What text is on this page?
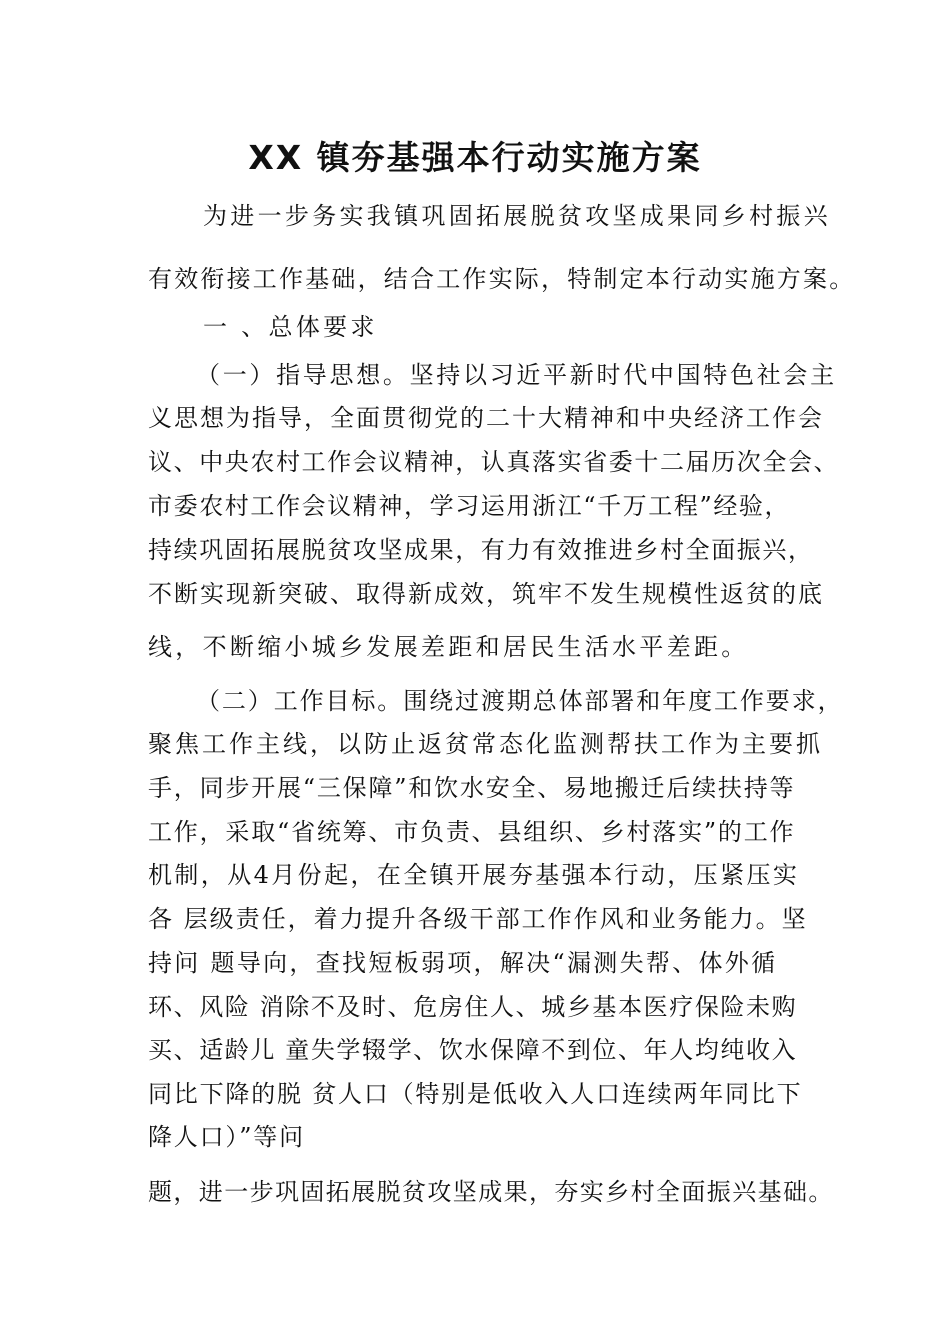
XX 镇夯基强本行动实施方案
为进一步务实我镇巩固拓展脱贫攻坚成果同乡村振兴
有效衔接工作基础，结合工作实际，特制定本行动实施方案。
一 、总体要求
（一）指导思想。坚持以习近平新时代中国特色社会主
义思想为指导，全面贯彻党的二十大精神和中央经济工作会
议、中央农村工作会议精神，认真落实省委十二届历次全会、
市委农村工作会议精神，学习运用浙江“千万工程”经验，
持续巩固拓展脱贫攻坚成果，有力有效推进乡村全面振兴，
不断实现新突破、取得新成效，筑牢不发生规模性返贫的底
线，不断缩小城乡发展差距和居民生活水平差距。
（二）工作目标。围绕过渡期总体部署和年度工作要求，
聚焦工作主线，以防止返贫常态化监测帮扶工作为主要抓
手，同步开展“三保障”和饮水安全、易地搬迁后续扶持等
工作，采取“省统筹、市负责、县组织、乡村落实”的工作
机制，从4月份起，在全镇开展夯基强本行动，压紧压实
各 层级责任，着力提升各级干部工作作风和业务能力。坚
持问 题导向，查找短板弱项，解决“漏测失帮、体外循
环、风险 消除不及时、危房住人、城乡基本医疗保险未购
买、适龄儿 童失学辍学、饮水保障不到位、年人均纯收入
同比下降的脱 贫人口（特别是低收入人口连续两年同比下
降人口）”等问
题，进一步巩固拓展脱贫攻坚成果，夯实乡村全面振兴基础。
